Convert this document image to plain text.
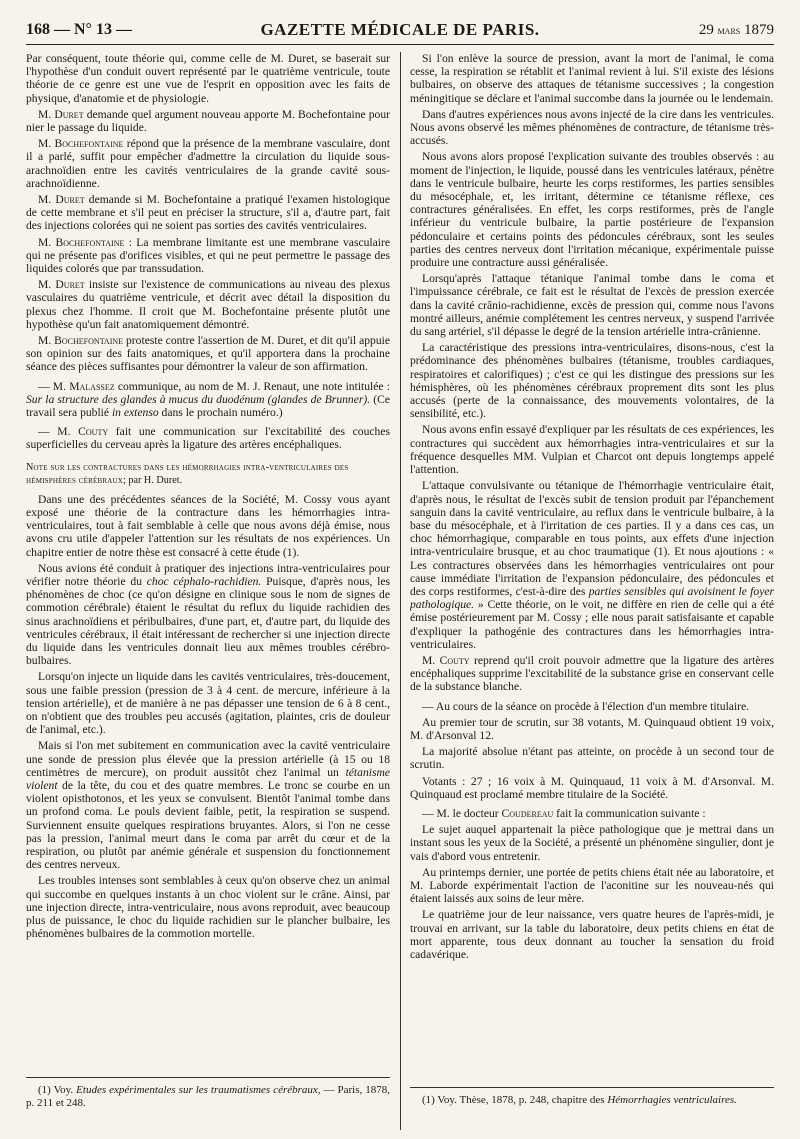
168 — N° 13 —	GAZETTE MÉDICALE DE PARIS.	29 mars 1879

Par conséquent, toute théorie qui, comme celle de M. Duret, se baserait sur l'hypothèse d'un conduit ouvert représenté par le quatrième ventricule, toute théorie de ce genre est une vue de l'esprit en opposition avec les faits de physique, d'anatomie et de physiologie.

M. Duret demande quel argument nouveau apporte M. Bochefontaine pour nier le passage du liquide.

M. Bochefontaine répond que la présence de la membrane vasculaire, dont il a parlé, suffit pour empêcher d'admettre la circulation du liquide sous-arachnoïdien entre les cavités ventriculaires de la grande cavité sous-arachnoïdienne.

M. Duret demande si M. Bochefontaine a pratiqué l'examen histologique de cette membrane et s'il peut en préciser la structure, s'il a, d'autre part, fait des injections colorées qui ne soient pas sorties des cavités ventriculaires.

M. Bochefontaine : La membrane limitante est une membrane vasculaire qui ne présente pas d'orifices visibles, et qui ne peut permettre le passage des liquides colorés que par transsudation.

M. Duret insiste sur l'existence de communications au niveau des plexus vasculaires du quatrième ventricule, et décrit avec détail la disposition du plexus chez l'homme. Il croit que M. Bochefontaine présente plutôt une hypothèse qu'un fait anatomiquement démontré.

M. Bochefontaine proteste contre l'assertion de M. Duret, et dit qu'il appuie son opinion sur des faits anatomiques, et qu'il apportera dans la prochaine séance des pièces suffisantes pour démontrer la valeur de son affirmation.

— M. Malassez communique, au nom de M. J. Renaut, une note intitulée : Sur la structure des glandes à mucus du duodénum (glandes de Brunner). (Ce travail sera publié in extenso dans le prochain numéro.)

— M. Couty fait une communication sur l'excitabilité des couches superficielles du cerveau après la ligature des artères encéphaliques.

Note sur les contractures dans les hémorrhagies intra-ventriculaires des hémisphères cérébraux; par H. Duret.

Dans une des précédentes séances de la Société, M. Cossy vous ayant exposé une théorie de la contracture dans les hémorrhagies intra-ventriculaires, tout à fait semblable à celle que nous avons déjà émise, nous avons cru utile d'appeler l'attention sur les résultats de nos expériences. Un chapitre entier de notre thèse est consacré à cette étude (1).

Nous avions été conduit à pratiquer des injections intra-ventriculaires pour vérifier notre théorie du choc céphalo-rachidien. Puisque, d'après nous, les phénomènes de choc (ce qu'on désigne en clinique sous le nom de signes de commotion cérébrale) étaient le résultat du reflux du liquide rachidien des sinus arachnoïdiens et péribulbaires, d'une part, et, d'autre part, du liquide des ventricules cérébraux, il était intéressant de rechercher si une injection directe du liquide dans les ventricules donnait lieu aux mêmes troubles cérébro-bulbaires.

Lorsqu'on injecte un liquide dans les cavités ventriculaires, très-doucement, sous une faible pression (pression de 3 à 4 cent. de mercure, inférieure à la tension artérielle), et de manière à ne pas dépasser une tension de 6 à 8 cent., on n'obtient que des troubles peu accusés (agitation, plaintes, cris de douleur de l'animal, etc.).

Mais si l'on met subitement en communication avec la cavité ventriculaire une sonde de pression plus élevée que la pression artérielle (à 15 ou 18 centimètres de mercure), on produit aussitôt chez l'animal un tétanisme violent de la tête, du cou et des quatre membres. Le tronc se courbe en un violent opisthotonos, et les yeux se convulsent. Bientôt l'animal tombe dans un profond coma. Le pouls devient faible, petit, la respiration se suspend. Surviennent ensuite quelques respirations bruyantes. Alors, si l'on ne cesse pas la pression, l'animal meurt dans le coma par arrêt du cœur et de la respiration, ou plutôt par anémie générale et suspension du fonctionnement des centres nerveux.

Les troubles intenses sont semblables à ceux qu'on observe chez un animal qui succombe en quelques instants à un choc violent sur le crâne. Ainsi, par une injection directe, intra-ventriculaire, nous avons reproduit, avec beaucoup plus de puissance, le choc du liquide rachidien sur le plancher bulbaire, les phénomènes bulbaires de la commotion mortelle.

(1) Voy. Etudes expérimentales sur les traumatismes cérébraux, — Paris, 1878, p. 211 et 248.

Si l'on enlève la source de pression, avant la mort de l'animal, le coma cesse, la respiration se rétablit et l'animal revient à lui. S'il existe des lésions bulbaires, on observe des attaques de tétanisme successives ; la congestion méningitique se déclare et l'animal succombe dans la journée ou le lendemain.

Dans d'autres expériences nous avons injecté de la cire dans les ventricules. Nous avons observé les mêmes phénomènes de contracture, de tétanisme très-accusés.

Nous avons alors proposé l'explication suivante des troubles observés : au moment de l'injection, le liquide, poussé dans les ventricules latéraux, pénètre dans le ventricule bulbaire, heurte les corps restiformes, les parties sensibles du mésocéphale, et, les irritant, détermine ce tétanisme réflexe, ces contractures généralisées. En effet, les corps restiformes, près de l'angle inférieur du ventricule bulbaire, la partie postérieure de l'expansion pédonculaire et certains points des pédoncules cérébraux, sont les seules parties des centres nerveux dont l'irritation mécanique, expérimentale puisse produire une contracture aussi généralisée.

Lorsqu'après l'attaque tétanique l'animal tombe dans le coma et l'impuissance cérébrale, ce fait est le résultat de l'excès de pression exercée dans la cavité crânio-rachidienne, excès de pression qui, comme nous l'avons montré ailleurs, anémie complétement les centres nerveux, y suspend l'arrivée du sang artériel, s'il dépasse le degré de la tension artérielle intra-crânienne.

La caractéristique des pressions intra-ventriculaires, disons-nous, c'est la prédominance des phénomènes bulbaires (tétanisme, troubles cardiaques, respiratoires et calorifiques) ; c'est ce qui les distingue des pressions sur les hémisphères, où les phénomènes cérébraux proprement dits sont les plus accusés (perte de la connaissance, des mouvements volontaires, de la sensibilité, etc.).

Nous avons enfin essayé d'expliquer par les résultats de ces expériences, les contractures qui succèdent aux hémorrhagies intra-ventriculaires et sur la fréquence desquelles MM. Vulpian et Charcot ont depuis longtemps appelé l'attention.

L'attaque convulsivante ou tétanique de l'hémorrhagie ventriculaire était, d'après nous, le résultat de l'excès subit de tension produit par l'épanchement sanguin dans la cavité ventriculaire, au reflux dans le ventricule bulbaire, à la base du mésocéphale, et à l'irritation de ces parties. Il y a dans ces cas, un choc hémorrhagique, comparable en tous points, aux effets d'une injection intra-ventriculaire brusque, et au choc traumatique (1). Et nous ajoutions : « Les contractures observées dans les hémorrhagies ventriculaires ont pour cause immédiate l'irritation de l'expansion pédonculaire, des pédoncules et des corps restiformes, c'est-à-dire des parties sensibles qui avoisinent le foyer pathologique. » Cette théorie, on le voit, ne diffère en rien de celle qui a été émise postérieurement par M. Cossy ; elle nous parait satisfaisante et capable d'expliquer la pathogénie des contractures dans les hémorrhagies intra-ventriculaires.

M. Couty reprend qu'il croit pouvoir admettre que la ligature des artères encéphaliques supprime l'excitabilité de la substance grise en conservant celle de la substance blanche.

— Au cours de la séance on procède à l'élection d'un membre titulaire.

Au premier tour de scrutin, sur 38 votants, M. Quinquaud obtient 19 voix, M. d'Arsonval 12.

La majorité absolue n'étant pas atteinte, on procède à un second tour de scrutin.

Votants : 27 ; 16 voix à M. Quinquaud, 11 voix à M. d'Arsonval. M. Quinquaud est proclamé membre titulaire de la Société.

— M. le docteur Coudereau fait la communication suivante :

Le sujet auquel appartenait la pièce pathologique que je mettrai dans un instant sous les yeux de la Société, a présenté un phénomène singulier, dont je vais d'abord vous entretenir.

Au printemps dernier, une portée de petits chiens était née au laboratoire, et M. Laborde expérimentait l'action de l'aconitine sur les nouveau-nés qui étaient laissés aux soins de leur mère.

Le quatrième jour de leur naissance, vers quatre heures de l'après-midi, je trouvai en arrivant, sur la table du laboratoire, deux petits chiens en état de mort apparente, tous deux donnant au toucher la sensation du froid cadavérique.

(1) Voy. Thèse, 1878, p. 248, chapitre des Hémorrhagies ventriculaires.
